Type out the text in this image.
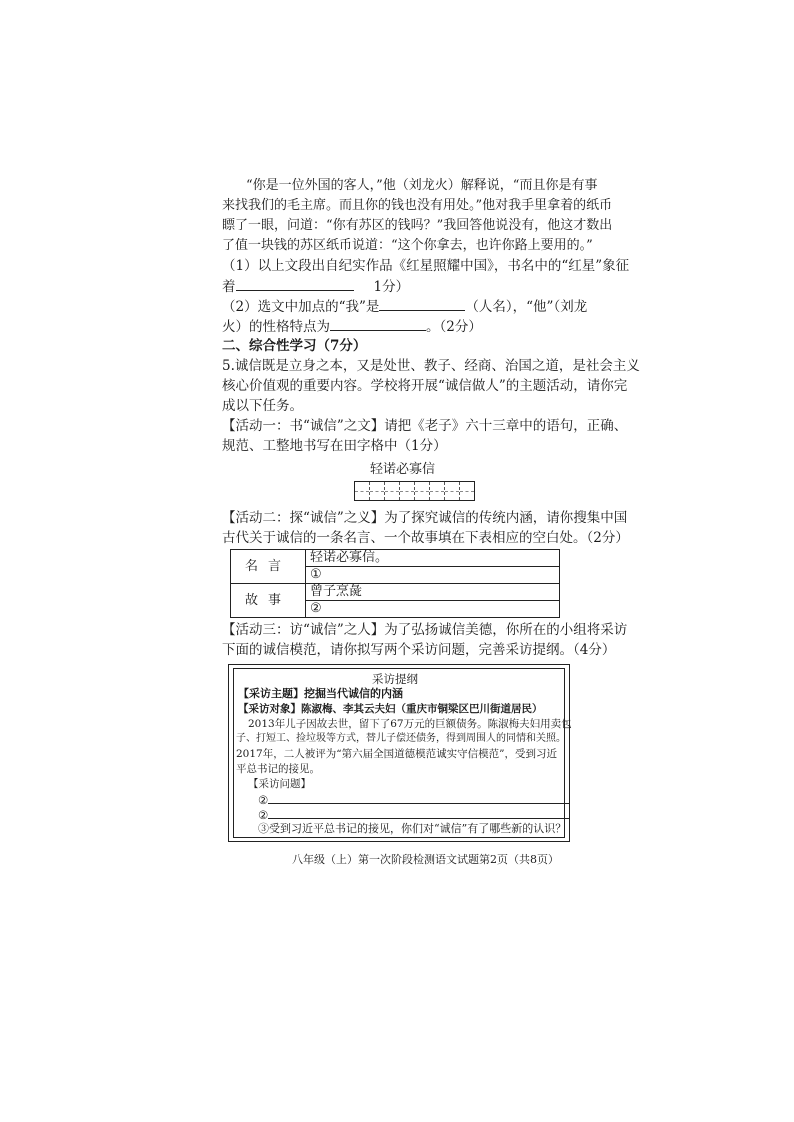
“你是一位外国的客人，”他（刘龙火）解释说，“而且你是有事
来找我们的毛主席。而且你的钱也没有用处。”他对我手里拿着的纸币
瞟了一眼，问道：“你有苏区的钱吗？”我回答他说没有，他这才数出
了值一块钱的苏区纸币说道：“这个你拿去，也许你路上要用的。”
（1）以上文段出自纪实作品《红星照耀中国》，书名中的“红星”象征
着	1分）
（2）选文中加点的“我”是	（人名），“他”（刘龙
火）的性格特点为	。（2分）
二、综合性学习（7分）
5.诚信既是立身之本，又是处世、教子、经商、治国之道，是社会主义
核心价值观的重要内容。学校将开展“诚信做人”的主题活动，请你完
成以下任务。
【活动一：书“诚信”之文】请把《老子》六十三章中的语句，正确、
规范、工整地书写在田字格中（1分）
轻诺必寡信
【活动二：探“诚信”之义】为了探究诚信的传统内涵，请你搜集中国
古代关于诚信的一条名言、一个故事填在下表相应的空白处。（2分）
名言	轻诺必寡信。
	①
故事	曾子烹彘
	②
【活动三：访“诚信”之人】为了弘扬诚信美德，你所在的小组将采访
下面的诚信模范，请你拟写两个采访问题，完善采访提纲。（4分）
采访提纲
【采访主题】挖掘当代诚信的内涵
【采访对象】陈淑梅、李其云夫妇（重庆市铜梁区巴川街道居民）
2013年儿子因故去世，留下了67万元的巨额债务。陈淑梅夫妇用卖包
子、打短工、捡垃圾等方式，替儿子偿还债务，得到周围人的同情和关照。
2017年，二人被评为“第六届全国道德模范诚实守信模范”，受到习近
平总书记的接见。
【采访问题】
②
②
③受到习近平总书记的接见，你们对“诚信”有了哪些新的认识？
八年级（上）第一次阶段检测语文试题第2页（共8页）
